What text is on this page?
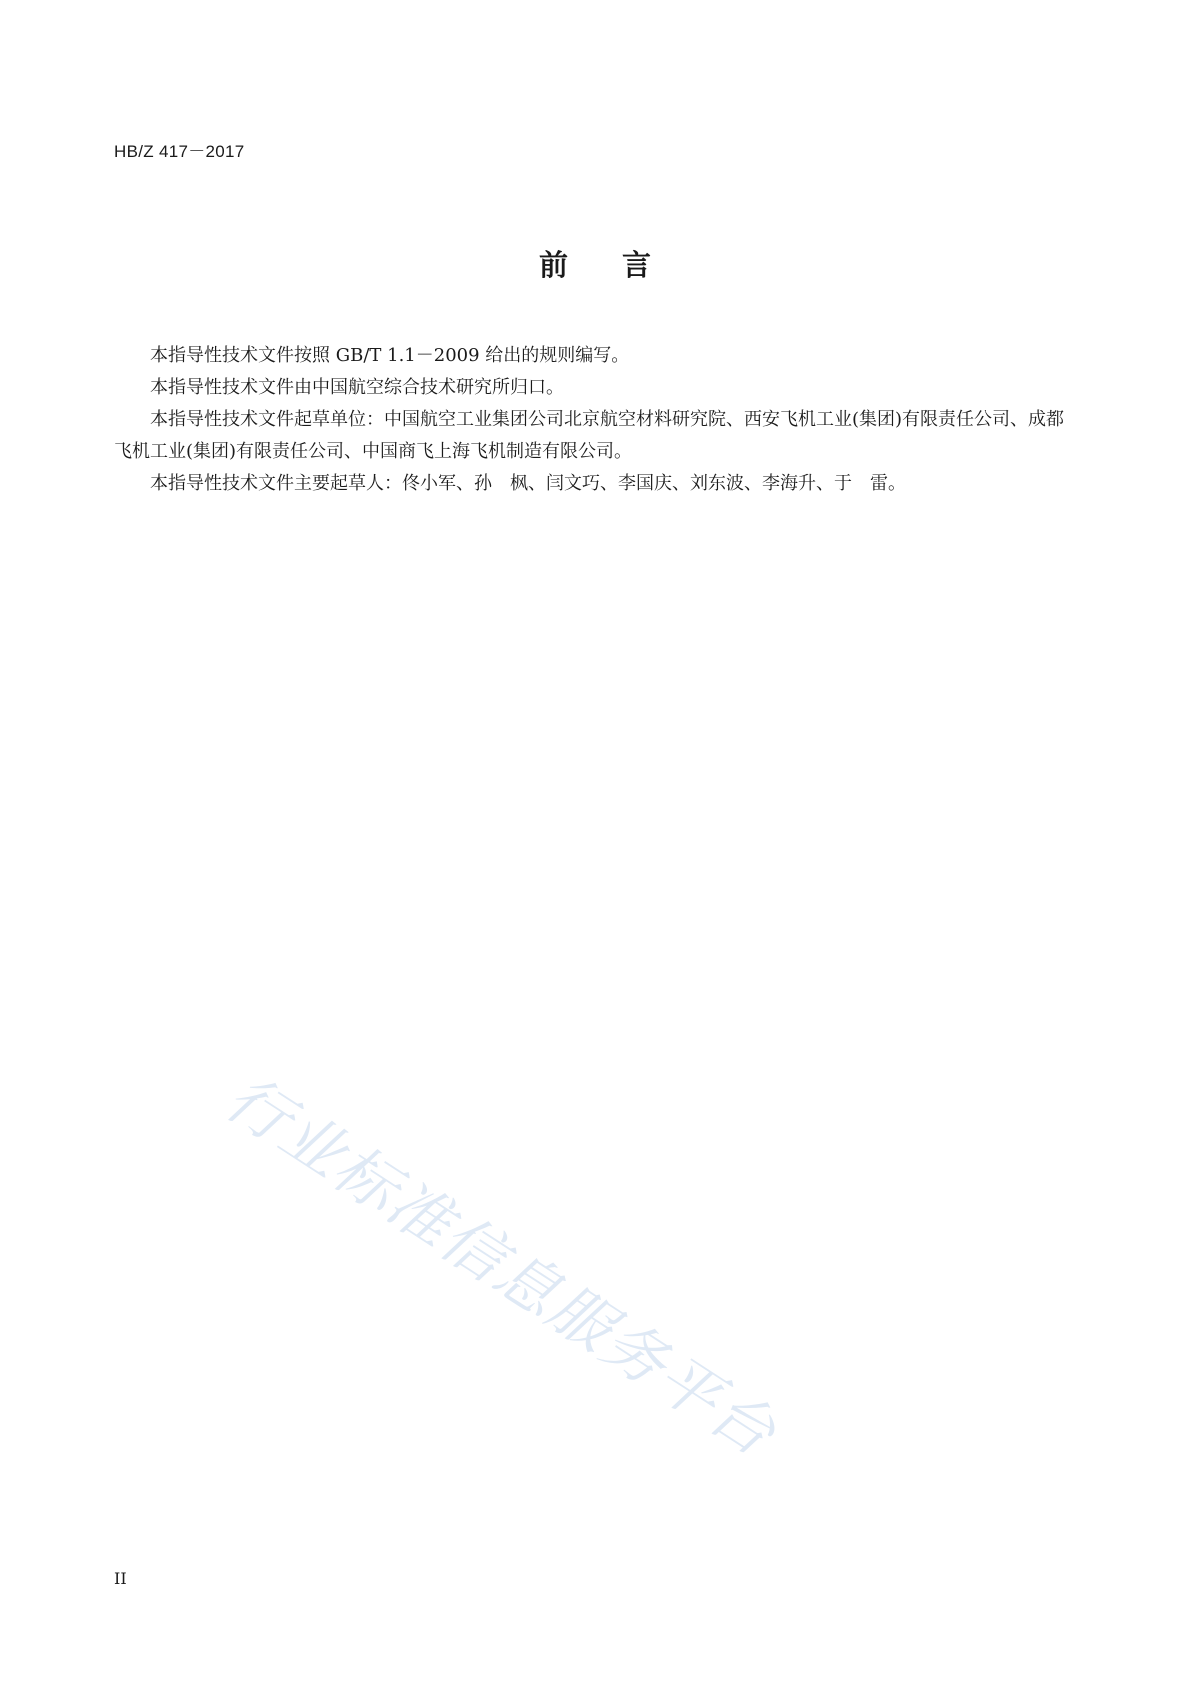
HB/Z 417－2017
前言

本指导性技术文件按照 GB/T 1.1－2009 给出的规则编写。

本指导性技术文件由中国航空综合技术研究所归口。

本指导性技术文件起草单位：中国航空工业集团公司北京航空材料研究院、西安飞机工业(集团)有限责任公司、成都飞机工业(集团)有限责任公司、中国商飞上海飞机制造有限公司。

本指导性技术文件主要起草人：佟小军、孙　枫、闫文巧、李国庆、刘东波、李海升、于　雷。

行业标准信息服务平台
II
